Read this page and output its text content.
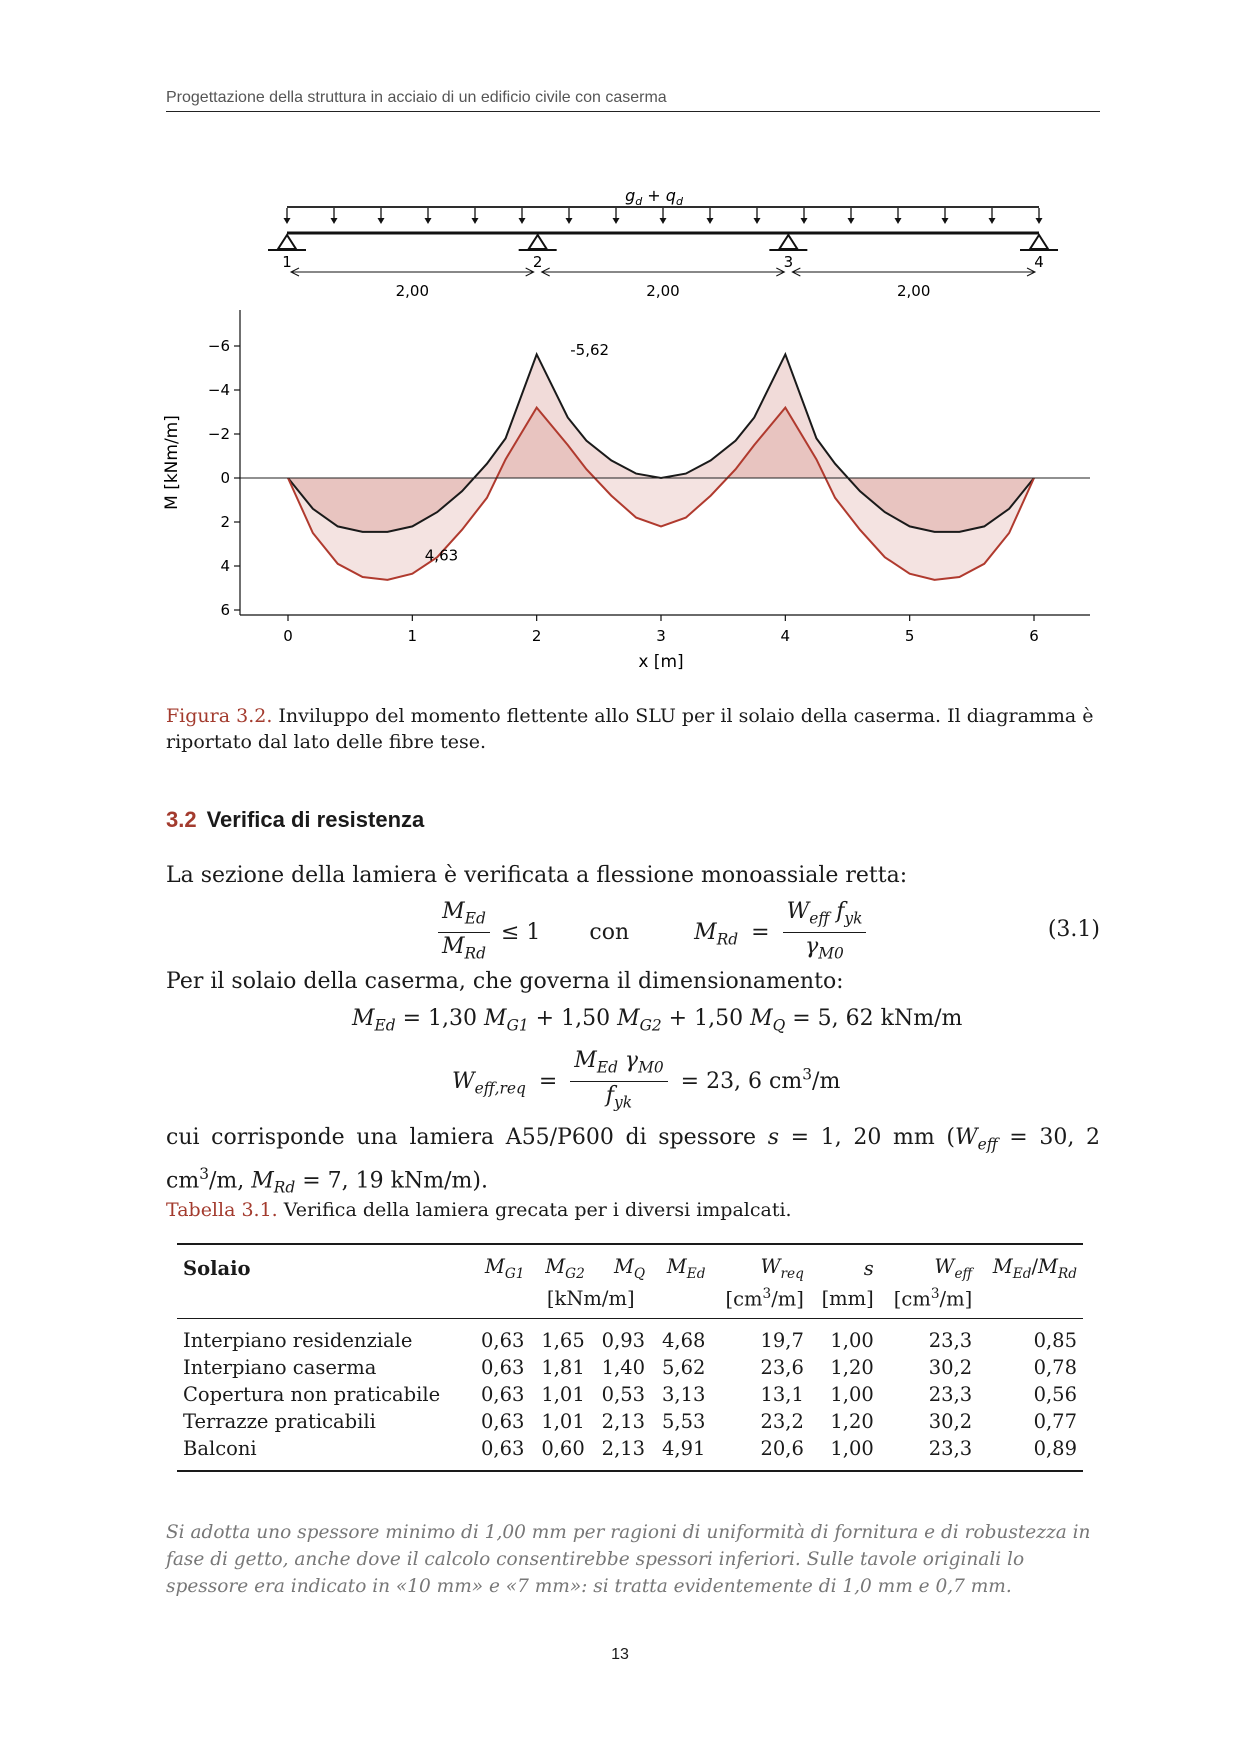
Progettazione della struttura in acciaio di un edificio civile con caserma
$g_d + q_d$
1	2	3	4
2,00	2,00	2,00
−6
−4
−2
0
2
4
6
0	1	2	3	4	5	6
-5,62
4,63
x [m]
M [kNm/m]
Figura 3.2. Inviluppo del momento flettente allo SLU per il solaio della caserma. Il diagramma è riportato dal lato delle fibre tese.
3.2 Verifica di resistenza
La sezione della lamiera è verificata a flessione monoassiale retta:
$\frac{M_{Ed}}{M_{Rd}} \le 1$ con	$M_{Rd} = \frac{W_{eff} f_{yk}}{\gamma_{M0}}$	(3.1)
Per il solaio della caserma, che governa il dimensionamento:
$M_{Ed} = 1,30$ $M_{G1} + 1,50$ $M_{G2} + 1,50$ $M_Q = 5$, 62 kNm/m
$W_{eff,req} = \frac{M_{Ed} \gamma_{M0}}{f_{yk}} = 23$, 6 $cm^3/m$
cui corrisponde una lamiera A55/P600 di spessore s = 1, 20 mm ($W_{eff} = 30$, 2 $cm^3/m$, $M_{Rd} = 7$, 19 kNm/m).
Tabella 3.1. Verifica della lamiera grecata per i diversi impalcati.
Solaio	$M_{G1}$	$M_{G2}$	$M_Q$	$M_{Ed}$	$W_{req}$	s	$W_{eff}$	$M_{Ed}/M_{Rd}$
		[kNm/m]			$[cm^3/m]$	[mm]	$[cm^3/m]$	
Interpiano residenziale	0,63	1,65	0,93	4,68	19,7	1,00	23,3	0,85
Interpiano caserma	0,63	1,81	1,40	5,62	23,6	1,20	30,2	0,78
Copertura non praticabile	0,63	1,01	0,53	3,13	13,1	1,00	23,3	0,56
Terrazze praticabili	0,63	1,01	2,13	5,53	23,2	1,20	30,2	0,77
Balconi	0,63	0,60	2,13	4,91	20,6	1,00	23,3	0,89
Si adotta uno spessore minimo di 1,00 mm per ragioni di uniformità di fornitura e di robustezza in fase di getto, anche dove il calcolo consentirebbe spessori inferiori. Sulle tavole originali lo spessore era indicato in «10 mm» e «7 mm»: si tratta evidentemente di 1,0 mm e 0,7 mm.
13
